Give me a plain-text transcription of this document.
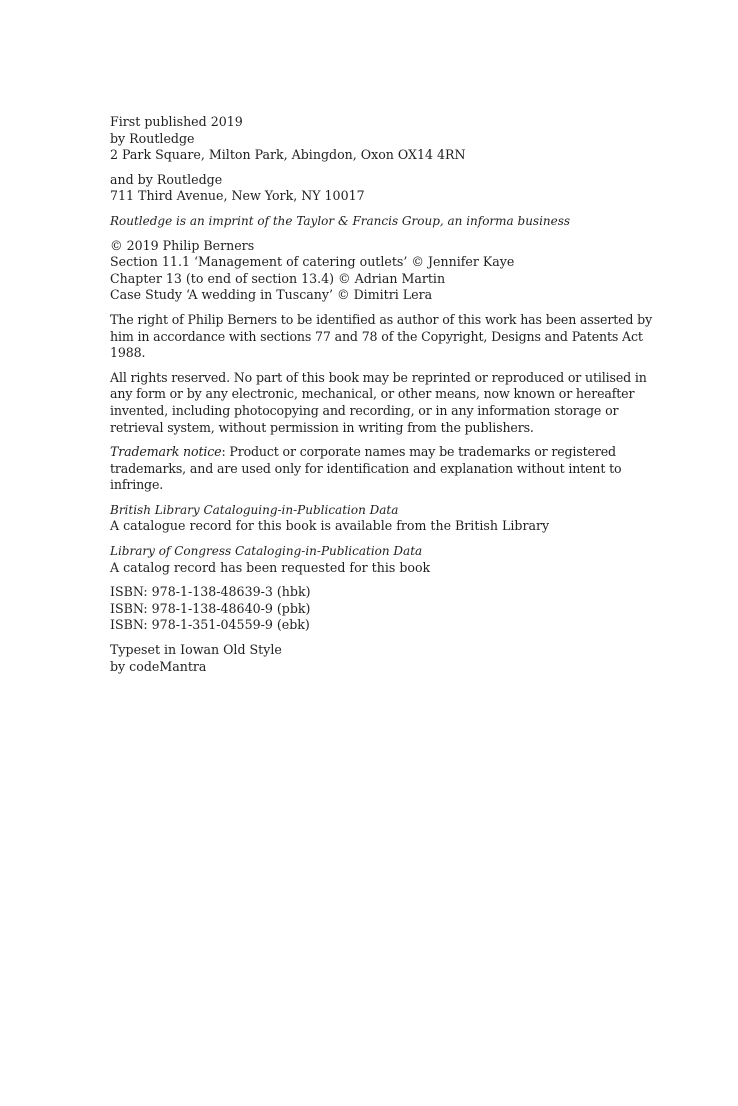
First published 2019
by Routledge
2 Park Square, Milton Park, Abingdon, Oxon OX14 4RN
and by Routledge
711 Third Avenue, New York, NY 10017
Routledge is an imprint of the Taylor & Francis Group, an informa business
© 2019 Philip Berners
Section 11.1 ‘Management of catering outlets’ © Jennifer Kaye
Chapter 13 (to end of section 13.4) © Adrian Martin
Case Study ‘A wedding in Tuscany’ © Dimitri Lera
The right of Philip Berners to be identified as author of this work has been asserted by him in accordance with sections 77 and 78 of the Copyright, Designs and Patents Act 1988.
All rights reserved. No part of this book may be reprinted or reproduced or utilised in any form or by any electronic, mechanical, or other means, now known or hereafter invented, including photocopying and recording, or in any information storage or retrieval system, without permission in writing from the publishers.
Trademark notice: Product or corporate names may be trademarks or registered trademarks, and are used only for identification and explanation without intent to infringe.
British Library Cataloguing-in-Publication Data
A catalogue record for this book is available from the British Library
Library of Congress Cataloging-in-Publication Data
A catalog record has been requested for this book
ISBN: 978-1-138-48639-3 (hbk)
ISBN: 978-1-138-48640-9 (pbk)
ISBN: 978-1-351-04559-9 (ebk)
Typeset in Iowan Old Style
by codeMantra
